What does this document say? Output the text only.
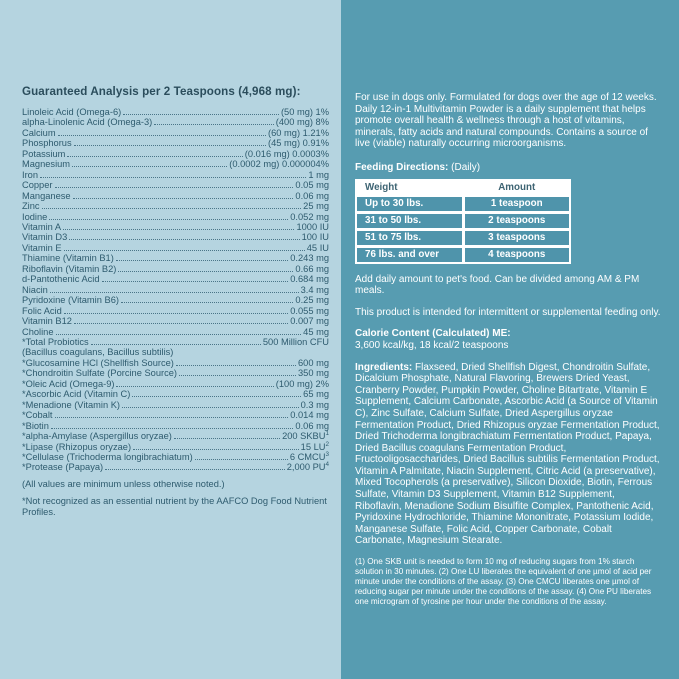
Guaranteed Analysis per 2 Teaspoons (4,968 mg):
Linoleic Acid (Omega-6)	(50 mg) 1%
alpha-Linolenic Acid (Omega-3)	(400 mg) 8%
Calcium	(60 mg) 1.21%
Phosphorus	(45 mg) 0.91%
Potassium	(0.016 mg) 0.0003%
Magnesium	(0.0002 mg) 0.000004%
Iron	1 mg
Copper	0.05 mg
Manganese	0.06 mg
Zinc	25 mg
Iodine	0.052 mg
Vitamin A	1000 IU
Vitamin D3	100 IU
Vitamin E	45 IU
Thiamine (Vitamin B1)	0.243 mg
Riboflavin (Vitamin B2)	0.66 mg
d-Pantothenic Acid	0.684 mg
Niacin	3.4 mg
Pyridoxine (Vitamin B6)	0.25 mg
Folic Acid	0.055 mg
Vitamin B12	0.007 mg
Choline	45 mg
*Total Probiotics	500 Million CFU
(Bacillus coagulans, Bacillus subtilis)
*Glucosamine HCl (Shellfish Source)	600 mg
*Chondroitin Sulfate (Porcine Source)	350 mg
*Oleic Acid (Omega-9)	(100 mg) 2%
*Ascorbic Acid (Vitamin C)	65 mg
*Menadione (Vitamin K)	0.3 mg
*Cobalt	0.014 mg
*Biotin	0.06 mg
*alpha-Amylase (Aspergillus oryzae)	200 SKBU$^1$
*Lipase (Rhizopus oryzae)	15 $LU^2$
*Cellulase (Trichoderma longibrachiatum)	6 CMCU$^3$
*Protease (Papaya)	2,000 $PU^4$

(All values are minimum unless otherwise noted.)

*Not recognized as an essential nutrient by the AAFCO Dog Food Nutrient Profiles.

For use in dogs only. Formulated for dogs over the age of 12 weeks. Daily 12-in-1 Multivitamin Powder is a daily supplement that helps promote overall health & wellness through a host of vitamins, minerals, fatty acids and natural compounds. Contains a source of live (viable) naturally occurring microorganisms.

Feeding Directions: (Daily)
Weight	Amount
Up to 30 lbs.	1 teaspoon
31 to 50 lbs.	2 teaspoons
51 to 75 lbs.	3 teaspoons
76 lbs. and over	4 teaspoons

Add daily amount to pet's food. Can be divided among AM & PM meals.

This product is intended for intermittent or supplemental feeding only.

Calorie Content (Calculated) ME:
3,600 kcal/kg, 18 kcal/2 teaspoons

Ingredients: Flaxseed, Dried Shellfish Digest, Chondroitin Sulfate, Dicalcium Phosphate, Natural Flavoring, Brewers Dried Yeast, Cranberry Powder, Pumpkin Powder, Choline Bitartrate, Vitamin E Supplement, Calcium Carbonate, Ascorbic Acid (a Source of Vitamin C), Zinc Sulfate, Calcium Sulfate, Dried Aspergillus oryzae Fermentation Product, Dried Rhizopus oryzae Fermentation Product, Dried Trichoderma longibrachiatum Fermentation Product, Papaya, Dried Bacillus coagulans Fermentation Product, Fructooligosaccharides, Dried Bacillus subtilis Fermentation Product, Vitamin A Palmitate, Niacin Supplement, Citric Acid (a preservative), Mixed Tocopherols (a preservative), Silicon Dioxide, Biotin, Ferrous Sulfate, Vitamin D3 Supplement, Vitamin B12 Supplement, Riboflavin, Menadione Sodium Bisulfite Complex, Pantothenic Acid, Pyridoxine Hydrochloride, Thiamine Mononitrate, Potassium Iodide, Manganese Sulfate, Folic Acid, Copper Carbonate, Cobalt Carbonate, Magnesium Stearate.

(1) One SKB unit is needed to form 10 mg of reducing sugars from 1% starch solution in 30 minutes. (2) One LU liberates the equivalent of one µmol of acid per minute under the conditions of the assay. (3) One CMCU liberates one µmol of reducing sugar per minute under the conditions of the assay. (4) One PU liberates one microgram of tyrosine per hour under the conditions of the assay.
